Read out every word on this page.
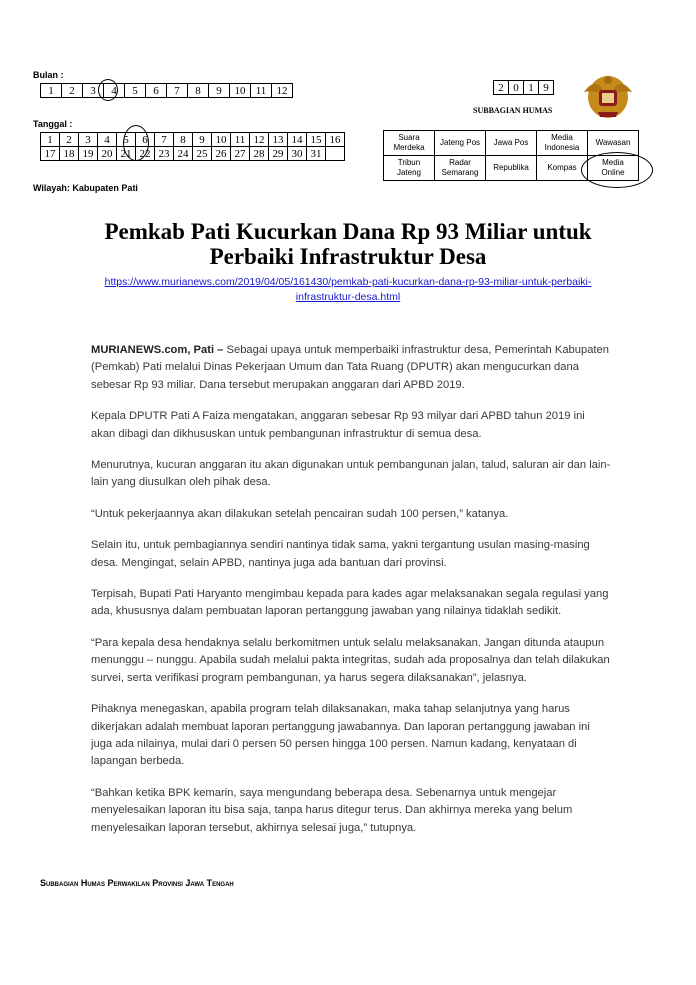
Bulan :
1	2	3	4	5	6	7	8	9	10	11	12
Tanggal :
1	2	3	4	5	6	7	8	9	10	11	12	13	14	15	16
17	18	19	20	21	22	23	24	25	26	27	28	29	30	31	
Wilayah: Kabupaten Pati
2	0	1	9
SUBBAGIAN HUMAS
Suara Merdeka	Jateng Pos	Jawa Pos	Media Indonesia	Wawasan
Tribun Jateng	Radar Semarang	Republika	Kompas	Media Online
Pemkab Pati Kucurkan Dana Rp 93 Miliar untuk
Perbaiki Infrastruktur Desa
https://www.murianews.com/2019/04/05/161430/pemkab-pati-kucurkan-dana-rp-93-miliar-untuk-perbaiki-
infrastruktur-desa.html

MURIANEWS.com, Pati – Sebagai upaya untuk memperbaiki infrastruktur desa, Pemerintah Kabupaten (Pemkab) Pati melalui Dinas Pekerjaan Umum dan Tata Ruang (DPUTR) akan mengucurkan dana sebesar Rp 93 miliar. Dana tersebut merupakan anggaran dari APBD 2019.

Kepala DPUTR Pati A Faiza mengatakan, anggaran sebesar Rp 93 milyar dari APBD tahun 2019 ini akan dibagi dan dikhususkan untuk pembangunan infrastruktur di semua desa.

Menurutnya, kucuran anggaran itu akan digunakan untuk pembangunan jalan, talud, saluran air dan lain-lain yang diusulkan oleh pihak desa.

“Untuk pekerjaannya akan dilakukan setelah pencairan sudah 100 persen,” katanya.

Selain itu, untuk pembagiannya sendiri nantinya tidak sama, yakni tergantung usulan masing-masing desa. Mengingat, selain APBD, nantinya juga ada bantuan dari provinsi.

Terpisah, Bupati Pati Haryanto mengimbau kepada para kades agar melaksanakan segala regulasi yang ada, khususnya dalam pembuatan laporan pertanggung jawaban yang nilainya tidaklah sedikit.

“Para kepala desa hendaknya selalu berkomitmen untuk selalu melaksanakan. Jangan ditunda ataupun menunggu – nunggu. Apabila sudah melalui pakta integritas, sudah ada proposalnya dan telah dilakukan survei, serta verifikasi program pembangunan, ya harus segera dilaksanakan”, jelasnya.

Pihaknya menegaskan, apabila program telah dilaksanakan, maka tahap selanjutnya yang harus dikerjakan adalah membuat laporan pertanggung jawabannya. Dan laporan pertanggung jawaban ini juga ada nilainya, mulai dari 0 persen 50 persen hingga 100 persen. Namun kadang, kenyataan di lapangan berbeda.

“Bahkan ketika BPK kemarin, saya mengundang beberapa desa. Sebenarnya untuk mengejar menyelesaikan laporan itu bisa saja, tanpa harus ditegur terus. Dan akhirnya mereka yang belum menyelesaikan laporan tersebut, akhirnya selesai juga,” tutupnya.

Subbagian Humas Perwakilan Provinsi Jawa Tengah
